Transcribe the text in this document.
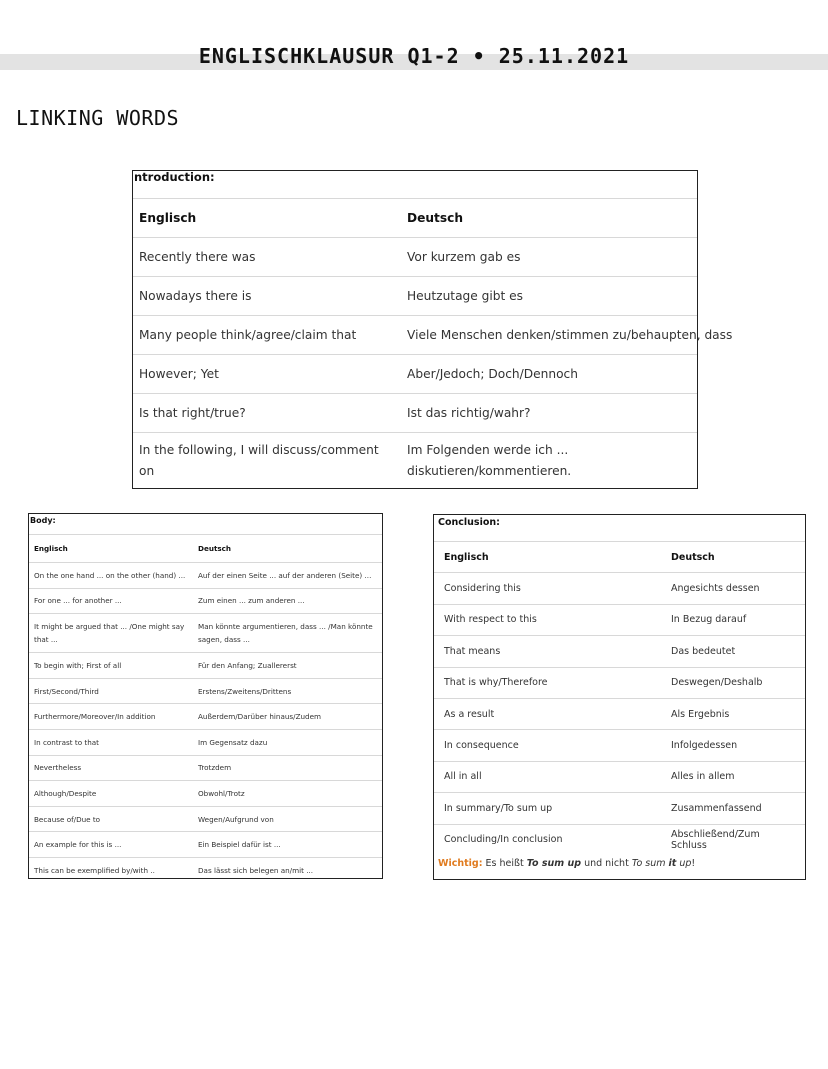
ENGLISCHKLAUSUR Q1-2 • 25.11.2021
LINKING WORDS
ntroduction:
Englisch	Deutsch
Recently there was	Vor kurzem gab es
Nowadays there is	Heutzutage gibt es
Many people think/agree/claim that	Viele Menschen denken/stimmen zu/behaupten, dass
However; Yet	Aber/Jedoch; Doch/Dennoch
Is that right/true?	Ist das richtig/wahr?
In the following, I will discuss/comment on	Im Folgenden werde ich ... diskutieren/kommentieren.
Body:
Englisch	Deutsch
On the one hand ... on the other (hand) ...	Auf der einen Seite ... auf der anderen (Seite) ...
For one ... for another ...	Zum einen ... zum anderen ...
It might be argued that ... /One might say that ...	Man könnte argumentieren, dass ... /Man könnte sagen, dass ...
To begin with; First of all	Für den Anfang; Zuallererst
First/Second/Third	Erstens/Zweitens/Drittens
Furthermore/Moreover/In addition	Außerdem/Darüber hinaus/Zudem
In contrast to that	Im Gegensatz dazu
Nevertheless	Trotzdem
Although/Despite	Obwohl/Trotz
Because of/Due to	Wegen/Aufgrund von
An example for this is ...	Ein Beispiel dafür ist ...
This can be exemplified by/with ..	Das lässt sich belegen an/mit ...
Conclusion:
Englisch	Deutsch
Considering this	Angesichts dessen
With respect to this	In Bezug darauf
That means	Das bedeutet
That is why/Therefore	Deswegen/Deshalb
As a result	Als Ergebnis
In consequence	Infolgedessen
All in all	Alles in allem
In summary/To sum up	Zusammenfassend
Concluding/In conclusion	Abschließend/Zum Schluss
Wichtig: Es heißt To sum up und nicht To sum it up!
